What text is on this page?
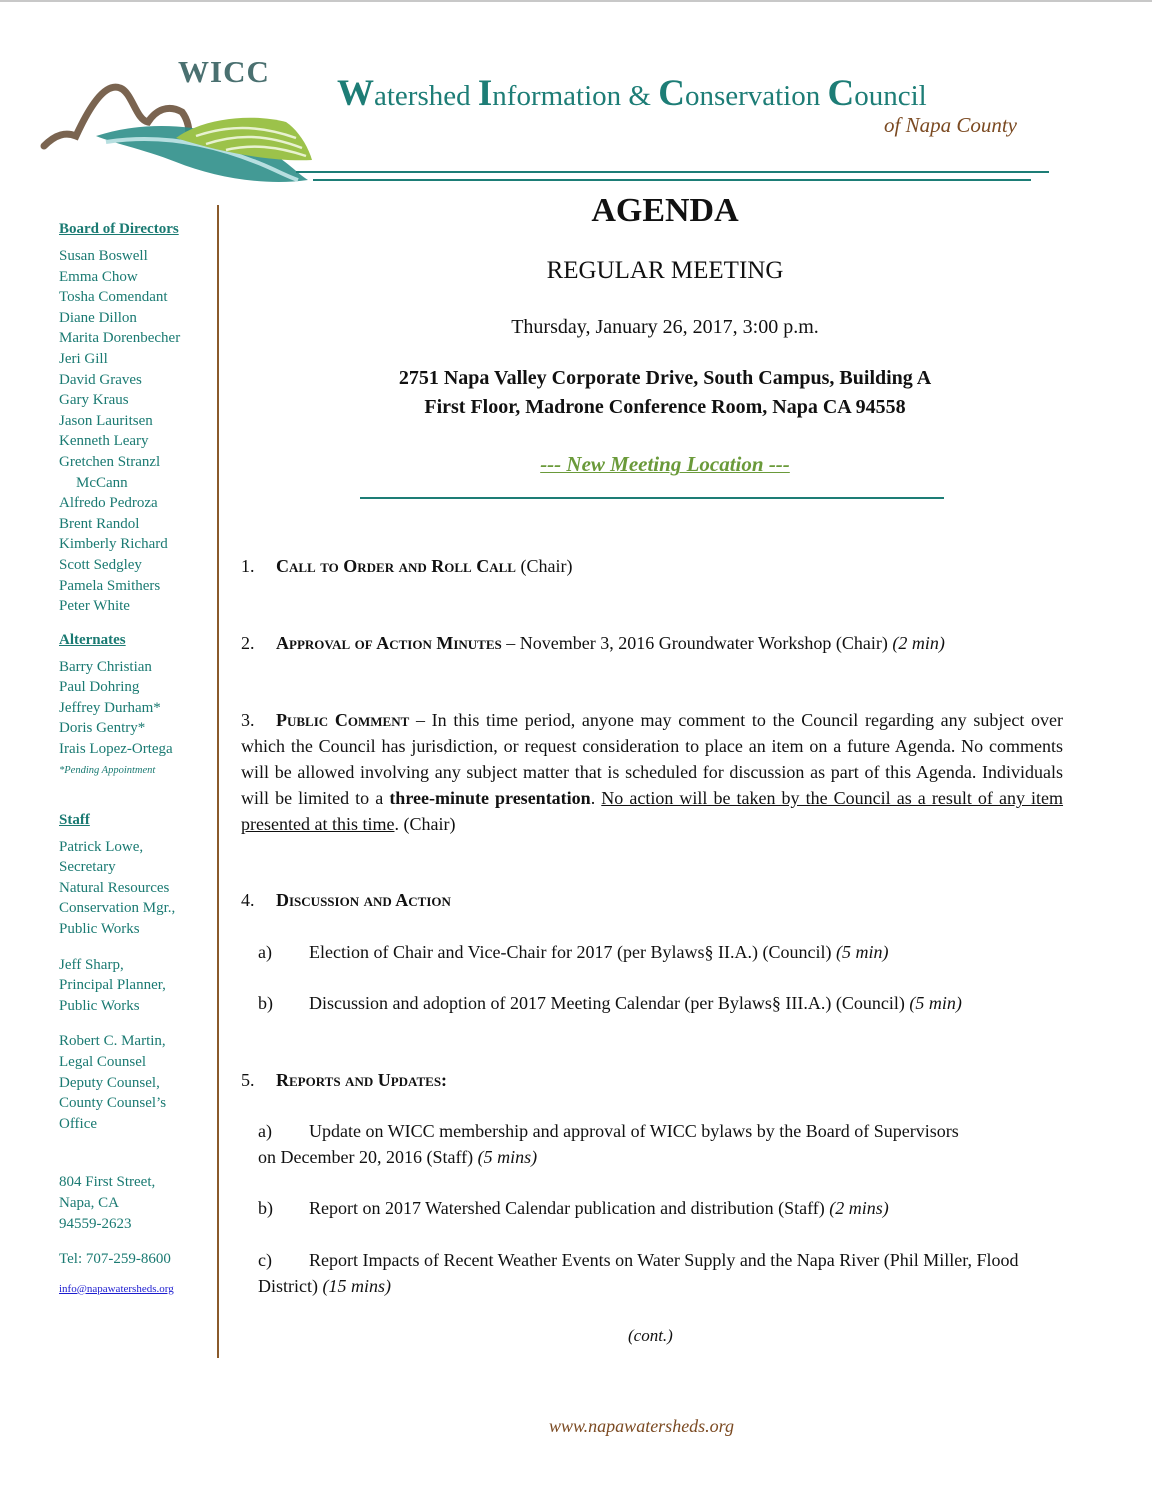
WICC
Watershed Information & Conservation Council
of Napa County
Board of Directors
Susan Boswell
Emma Chow
Tosha Comendant
Diane Dillon
Marita Dorenbecher
Jeri Gill
David Graves
Gary Kraus
Jason Lauritsen
Kenneth Leary
Gretchen Stranzl
McCann
Alfredo Pedroza
Brent Randol
Kimberly Richard
Scott Sedgley
Pamela Smithers
Peter White
Alternates
Barry Christian
Paul Dohring
Jeffrey Durham*
Doris Gentry*
Irais Lopez-Ortega
*Pending Appointment
Staff
Patrick Lowe,
Secretary
Natural Resources
Conservation Mgr.,
Public Works
Jeff Sharp,
Principal Planner,
Public Works
Robert C. Martin,
Legal Counsel
Deputy Counsel,
County Counsel’s
Office
804 First Street,
Napa, CA
94559-2623
Tel: 707-259-8600
info@napawatersheds.org
AGENDA
REGULAR MEETING
Thursday, January 26, 2017, 3:00 p.m.
2751 Napa Valley Corporate Drive, South Campus, Building A
First Floor, Madrone Conference Room, Napa CA 94558
--- New Meeting Location ---
1. Call to Order and Roll Call (Chair)
2. Approval of Action Minutes – November 3, 2016 Groundwater Workshop (Chair) (2 min)
3. Public Comment – In this time period, anyone may comment to the Council regarding any subject over which the Council has jurisdiction, or request consideration to place an item on a future Agenda. No comments will be allowed involving any subject matter that is scheduled for discussion as part of this Agenda. Individuals will be limited to a three-minute presentation. No action will be taken by the Council as a result of any item presented at this time. (Chair)
4. Discussion and Action
a) Election of Chair and Vice-Chair for 2017 (per Bylaws§ II.A.) (Council) (5 min)
b) Discussion and adoption of 2017 Meeting Calendar (per Bylaws§ III.A.) (Council) (5 min)
5. Reports and Updates:
a) Update on WICC membership and approval of WICC bylaws by the Board of Supervisors on December 20, 2016 (Staff) (5 mins)
b) Report on 2017 Watershed Calendar publication and distribution (Staff) (2 mins)
c) Report Impacts of Recent Weather Events on Water Supply and the Napa River (Phil Miller, Flood District) (15 mins)
(cont.)
www.napawatersheds.org
